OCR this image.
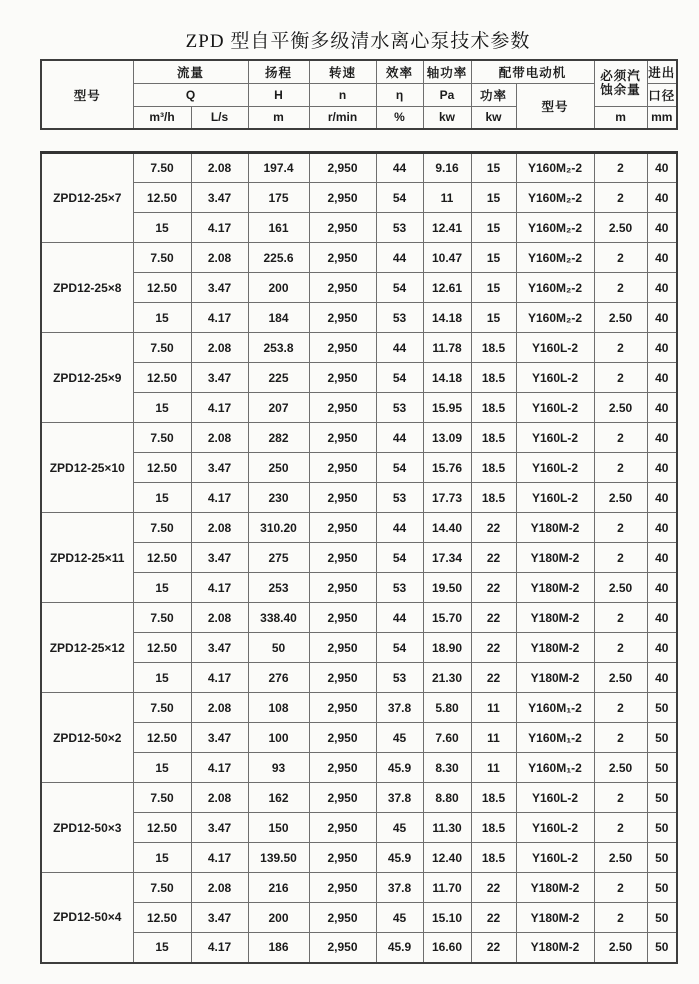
ZPD 型自平衡多级清水离心泵技术参数
型号	流量		扬程	转速	效率	轴功率	配带电动机		必须汽
蚀余量	进出
	Q		H	n	η	Pa	功率	型号		口径
	m³/h	L/s	m	r/min	%	kw	kw		m	mm
ZPD12-25×7	7.50	2.08	197.4	2,950	44	9.16	15	Y160M₂-2	2	40
	12.50	3.47	175	2,950	54	11	15	Y160M₂-2	2	40
	15	4.17	161	2,950	53	12.41	15	Y160M₂-2	2.50	40
ZPD12-25×8	7.50	2.08	225.6	2,950	44	10.47	15	Y160M₂-2	2	40
	12.50	3.47	200	2,950	54	12.61	15	Y160M₂-2	2	40
	15	4.17	184	2,950	53	14.18	15	Y160M₂-2	2.50	40
ZPD12-25×9	7.50	2.08	253.8	2,950	44	11.78	18.5	Y160L-2	2	40
	12.50	3.47	225	2,950	54	14.18	18.5	Y160L-2	2	40
	15	4.17	207	2,950	53	15.95	18.5	Y160L-2	2.50	40
ZPD12-25×10	7.50	2.08	282	2,950	44	13.09	18.5	Y160L-2	2	40
	12.50	3.47	250	2,950	54	15.76	18.5	Y160L-2	2	40
	15	4.17	230	2,950	53	17.73	18.5	Y160L-2	2.50	40
ZPD12-25×11	7.50	2.08	310.20	2,950	44	14.40	22	Y180M-2	2	40
	12.50	3.47	275	2,950	54	17.34	22	Y180M-2	2	40
	15	4.17	253	2,950	53	19.50	22	Y180M-2	2.50	40
ZPD12-25×12	7.50	2.08	338.40	2,950	44	15.70	22	Y180M-2	2	40
	12.50	3.47	50	2,950	54	18.90	22	Y180M-2	2	40
	15	4.17	276	2,950	53	21.30	22	Y180M-2	2.50	40
ZPD12-50×2	7.50	2.08	108	2,950	37.8	5.80	11	Y160M₁-2	2	50
	12.50	3.47	100	2,950	45	7.60	11	Y160M₁-2	2	50
	15	4.17	93	2,950	45.9	8.30	11	Y160M₁-2	2.50	50
ZPD12-50×3	7.50	2.08	162	2,950	37.8	8.80	18.5	Y160L-2	2	50
	12.50	3.47	150	2,950	45	11.30	18.5	Y160L-2	2	50
	15	4.17	139.50	2,950	45.9	12.40	18.5	Y160L-2	2.50	50
ZPD12-50×4	7.50	2.08	216	2,950	37.8	11.70	22	Y180M-2	2	50
	12.50	3.47	200	2,950	45	15.10	22	Y180M-2	2	50
	15	4.17	186	2,950	45.9	16.60	22	Y180M-2	2.50	50
